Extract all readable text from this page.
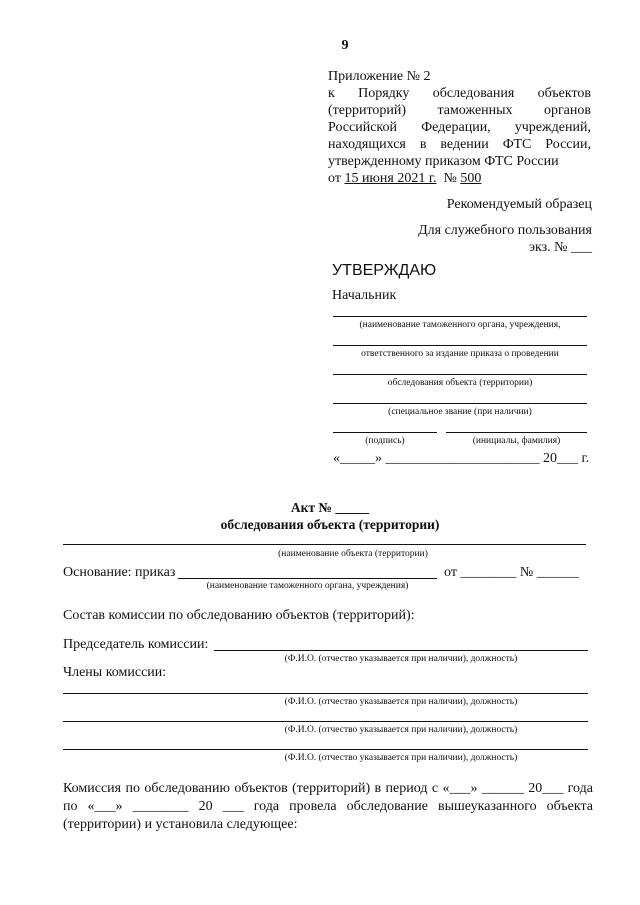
9
Приложение № 2
к Порядку обследования объектов
(территорий) таможенных органов
Российской Федерации, учреждений,
находящихся в ведении ФТС России,
утвержденному приказом ФТС России
от 15 июня 2021 г. № 500
Рекомендуемый образец
Для служебного пользования
экз. № ___
УТВЕРЖДАЮ
Начальник
(наименование таможенного органа, учреждения,
ответственного за издание приказа о проведении
обследования объекта (территории)
(специальное звание (при наличии)
(подпись)	(инициалы, фамилия)
«_____» ______________________ 20___ г.
Акт № _____
обследования объекта (территории)
(наименование объекта (территории)
Основание: приказ	от ________ № ______
(наименование таможенного органа, учреждения)
Состав комиссии по обследованию объектов (территорий):
Председатель комиссии:
(Ф.И.О. (отчество указывается при наличии), должность)
Члены комиссии:
(Ф.И.О. (отчество указывается при наличии), должность)
(Ф.И.О. (отчество указывается при наличии), должность)
(Ф.И.О. (отчество указывается при наличии), должность)
Комиссия по обследованию объектов (территорий) в период с «___» ______ 20___ года
по «___» ________ 20 ___ года провела обследование вышеуказанного объекта
(территории) и установила следующее:
